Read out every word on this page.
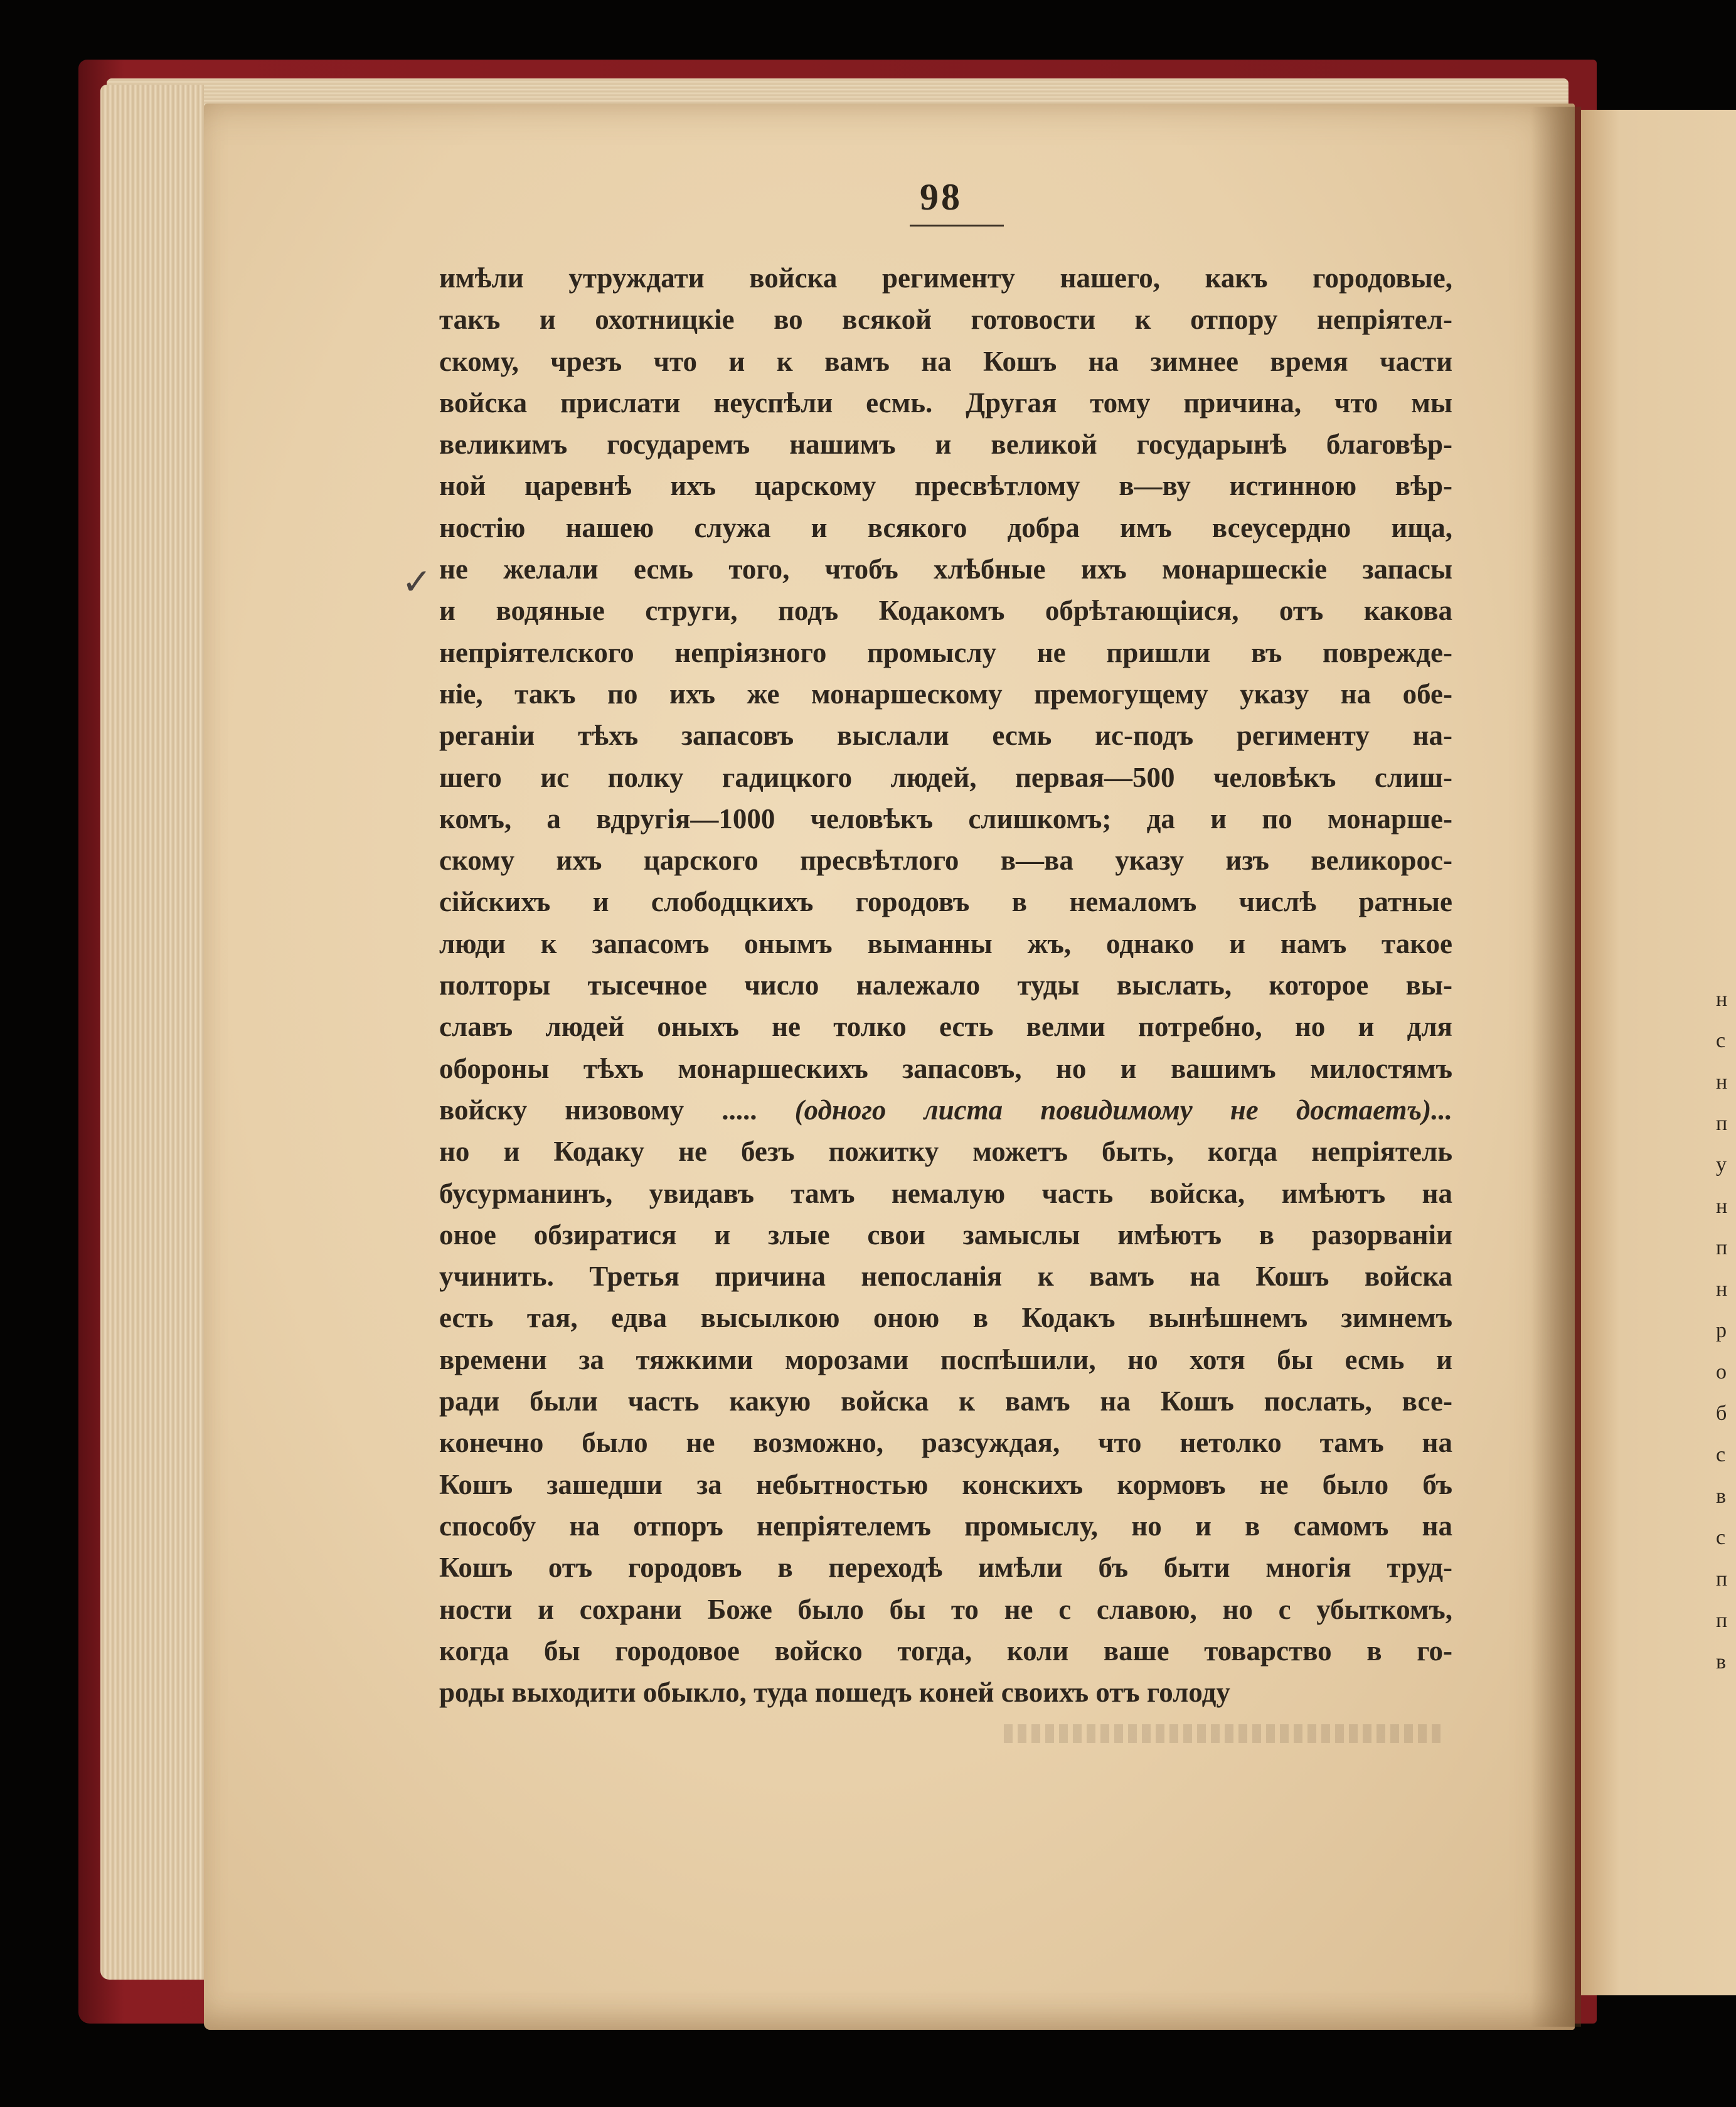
н
с
н
п
у
н
п
н
р
о
б
с
в
с
п
п
в
98
✓
имѣли утруждати войска регименту нашего, какъ городовые,
такъ и охотницкіе во всякой готовости к отпору непріятел-
скому, чрезъ что и к вамъ на Кошъ на зимнее время части
войска прислати неуспѣли есмь. Другая тому причина, что мы
великимъ государемъ нашимъ и великой государынѣ благовѣр-
ной царевнѣ ихъ царскому пресвѣтлому в—ву истинною вѣр-
ностію нашею служа и всякого добра имъ всеусердно ища,
не желали есмь того, чтобъ хлѣбные ихъ монаршескіе запасы
и водяные струги, подъ Кодакомъ обрѣтающіися, отъ какова
непріятелского непріязного промыслу не пришли въ поврежде-
ніе, такъ по ихъ же монаршескому премогущему указу на обе-
реганіи тѣхъ запасовъ выслали есмь ис-подъ регименту на-
шего ис полку гадицкого людей, первая—500 человѣкъ слиш-
комъ, а вдругія—1000 человѣкъ слишкомъ; да и по монарше-
скому ихъ царского пресвѣтлого в—ва указу изъ великорос-
сійскихъ и слободцкихъ городовъ в немаломъ числѣ ратные
люди к запасомъ онымъ выманны жъ, однако и намъ такое
полторы тысечное число належало туды выслать, которое вы-
славъ людей оныхъ не толко есть велми потребно, но и для
обороны тѣхъ монаршескихъ запасовъ, но и вашимъ милостямъ
войску низовому ..... (одного листа повидимому не достаетъ)...
но и Кодаку не безъ пожитку можетъ быть, когда непріятель
бусурманинъ, увидавъ тамъ немалую часть войска, имѣютъ на
оное обзиратися и злые свои замыслы имѣютъ в разорваніи
учинить. Третья причина непосланія к вамъ на Кошъ войска
есть тая, едва высылкою оною в Кодакъ вынѣшнемъ зимнемъ
времени за тяжкими морозами поспѣшили, но хотя бы есмь и
ради были часть какую войска к вамъ на Кошъ послать, все-
конечно было не возможно, разсуждая, что нетолко тамъ на
Кошъ зашедши за небытностью конскихъ кормовъ не было бъ
способу на отпоръ непріятелемъ промыслу, но и в самомъ на
Кошъ отъ городовъ в переходѣ имѣли бъ быти многія труд-
ности и сохрани Боже было бы то не с славою, но с убыткомъ,
когда бы городовое войско тогда, коли ваше товарство в го-
роды выходити обыкло, туда пошедъ коней своихъ отъ голоду
